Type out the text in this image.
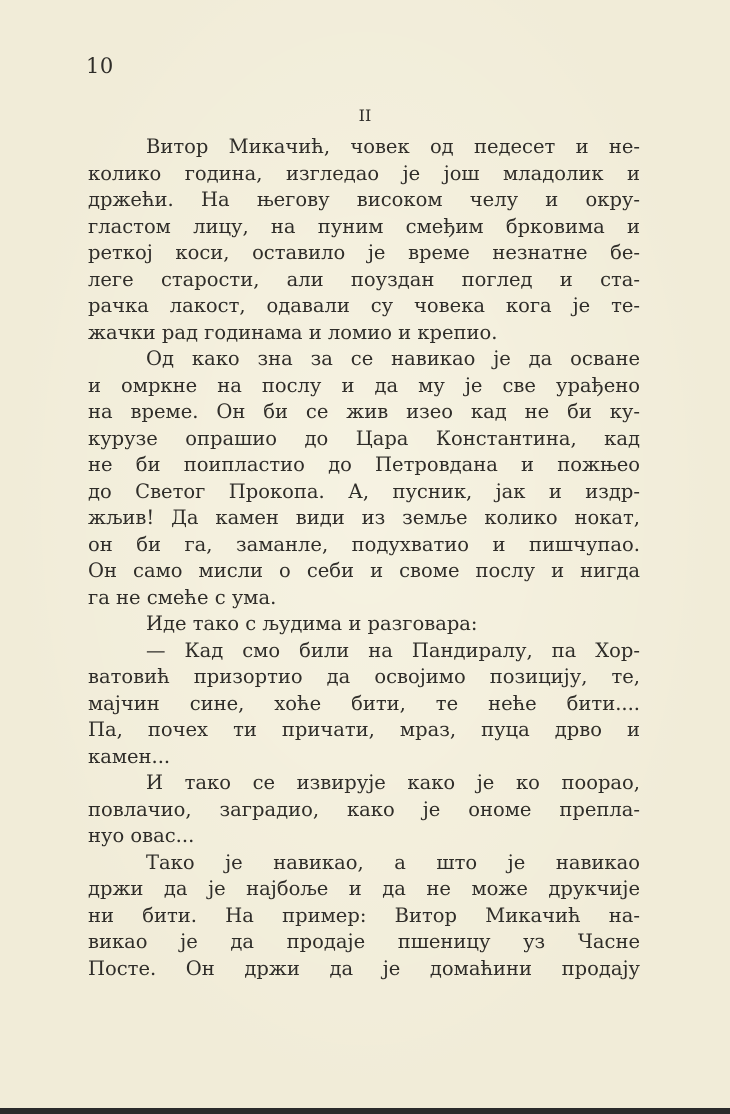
10
II
Витор Микачић, човек од педесет и не-
колико година, изгледао је још младолик и
држећи. На његову високом челу и окру-
гластом лицу, на пуним смеђим брковима и
реткој коси, оставило је време незнатне бе-
леге старости, али поуздан поглед и ста-
рачка лакост, одавали су човека кога је те-
жачки рад годинама и ломио и крепио.
Од како зна за се навикао је да осване
и омркне на послу и да му је све урађено
на време. Он би се жив изео кад не би ку-
курузе опрашио до Цара Константина, кад
не би поипластио до Петровдана и пожњео
до Светог Прокопа. А, пусник, јак и издр-
жљив! Да камен види из земље колико нокат,
он би га, заманле, подухватио и пишчупао.
Он само мисли о себи и своме послу и нигда
га не смеће с ума.
Иде тако с људима и разговара:
— Кад смо били на Пандиралу, па Хор-
ватовић призортио да освојимо позицију, те,
мајчин сине, хоће бити, те неће бити....
Па, почех ти причати, мраз, пуца дрво и
камен...
И тако се извирује како је ко поорао,
повлачио, заградио, како је ономе препла-
нуо овас...
Тако је навикао, а што је навикао
држи да је најбоље и да не може друкчије
ни бити. На пример: Витор Микачић на-
викао је да продаје пшеницу уз Часне
Посте. Он држи да је домаћини продају
